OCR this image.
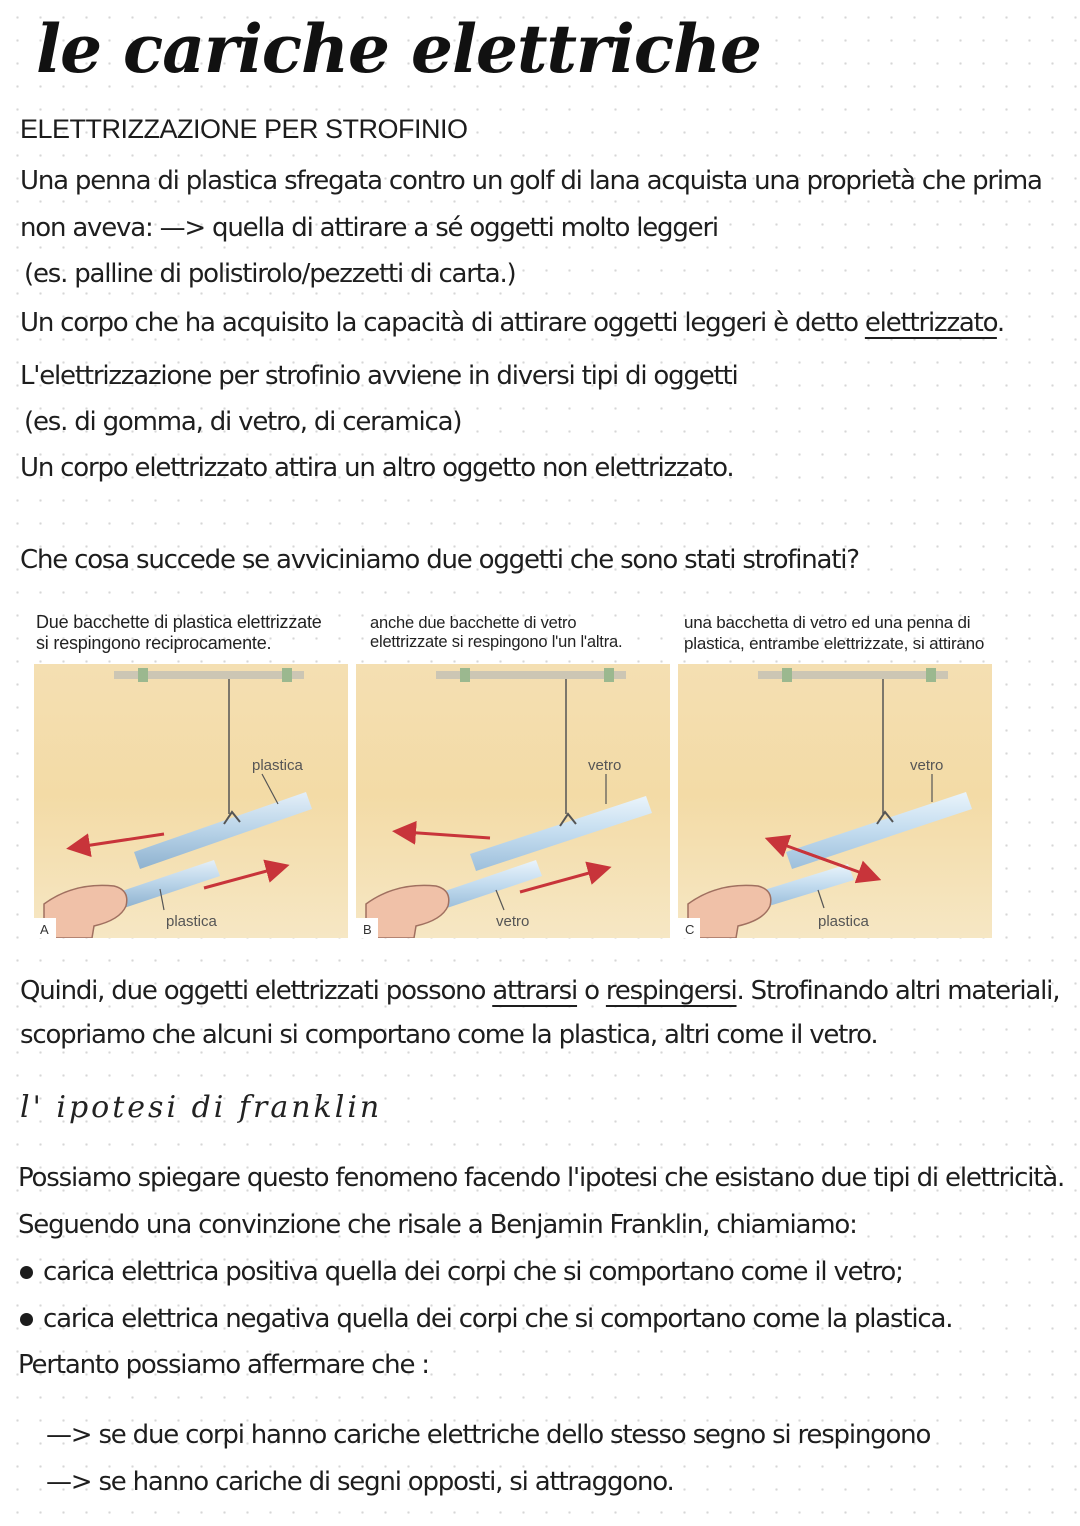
le cariche elettriche
ELETTRIZZAZIONE PER STROFINIO
Una penna di plastica sfregata contro un golf di lana acquista una proprietà che prima
non aveva: —> quella di attirare a sé oggetti molto leggeri
(es. palline di polistirolo/pezzetti di carta.)
Un corpo che ha acquisito la capacità di attirare oggetti leggeri è detto elettrizzato.
L'elettrizzazione per strofinio avviene in diversi tipi di oggetti
(es. di gomma, di vetro, di ceramica)
Un corpo elettrizzato attira un altro oggetto non elettrizzato.
Che cosa succede se avviciniamo due oggetti che sono stati strofinati?
Due bacchette di plastica elettrizzate
si respingono reciprocamente.
anche due bacchette di vetro
elettrizzate si respingono l'un l'altra.
una bacchetta di vetro ed una penna di
plastica, entrambe elettrizzate, si attirano
plastica
plastica
A
vetro
vetro
B
vetro
plastica
C
Quindi, due oggetti elettrizzati possono attrarsi o respingersi. Strofinando altri materiali,
scopriamo che alcuni si comportano come la plastica, altri come il vetro.
l' ipotesi di franklin
Possiamo spiegare questo fenomeno facendo l'ipotesi che esistano due tipi di elettricità.
Seguendo una convinzione che risale a Benjamin Franklin, chiamiamo:
carica elettrica positiva quella dei corpi che si comportano come il vetro;
carica elettrica negativa quella dei corpi che si comportano come la plastica.
Pertanto possiamo affermare che :
—> se due corpi hanno cariche elettriche dello stesso segno si respingono
—> se hanno cariche di segni opposti, si attraggono.
